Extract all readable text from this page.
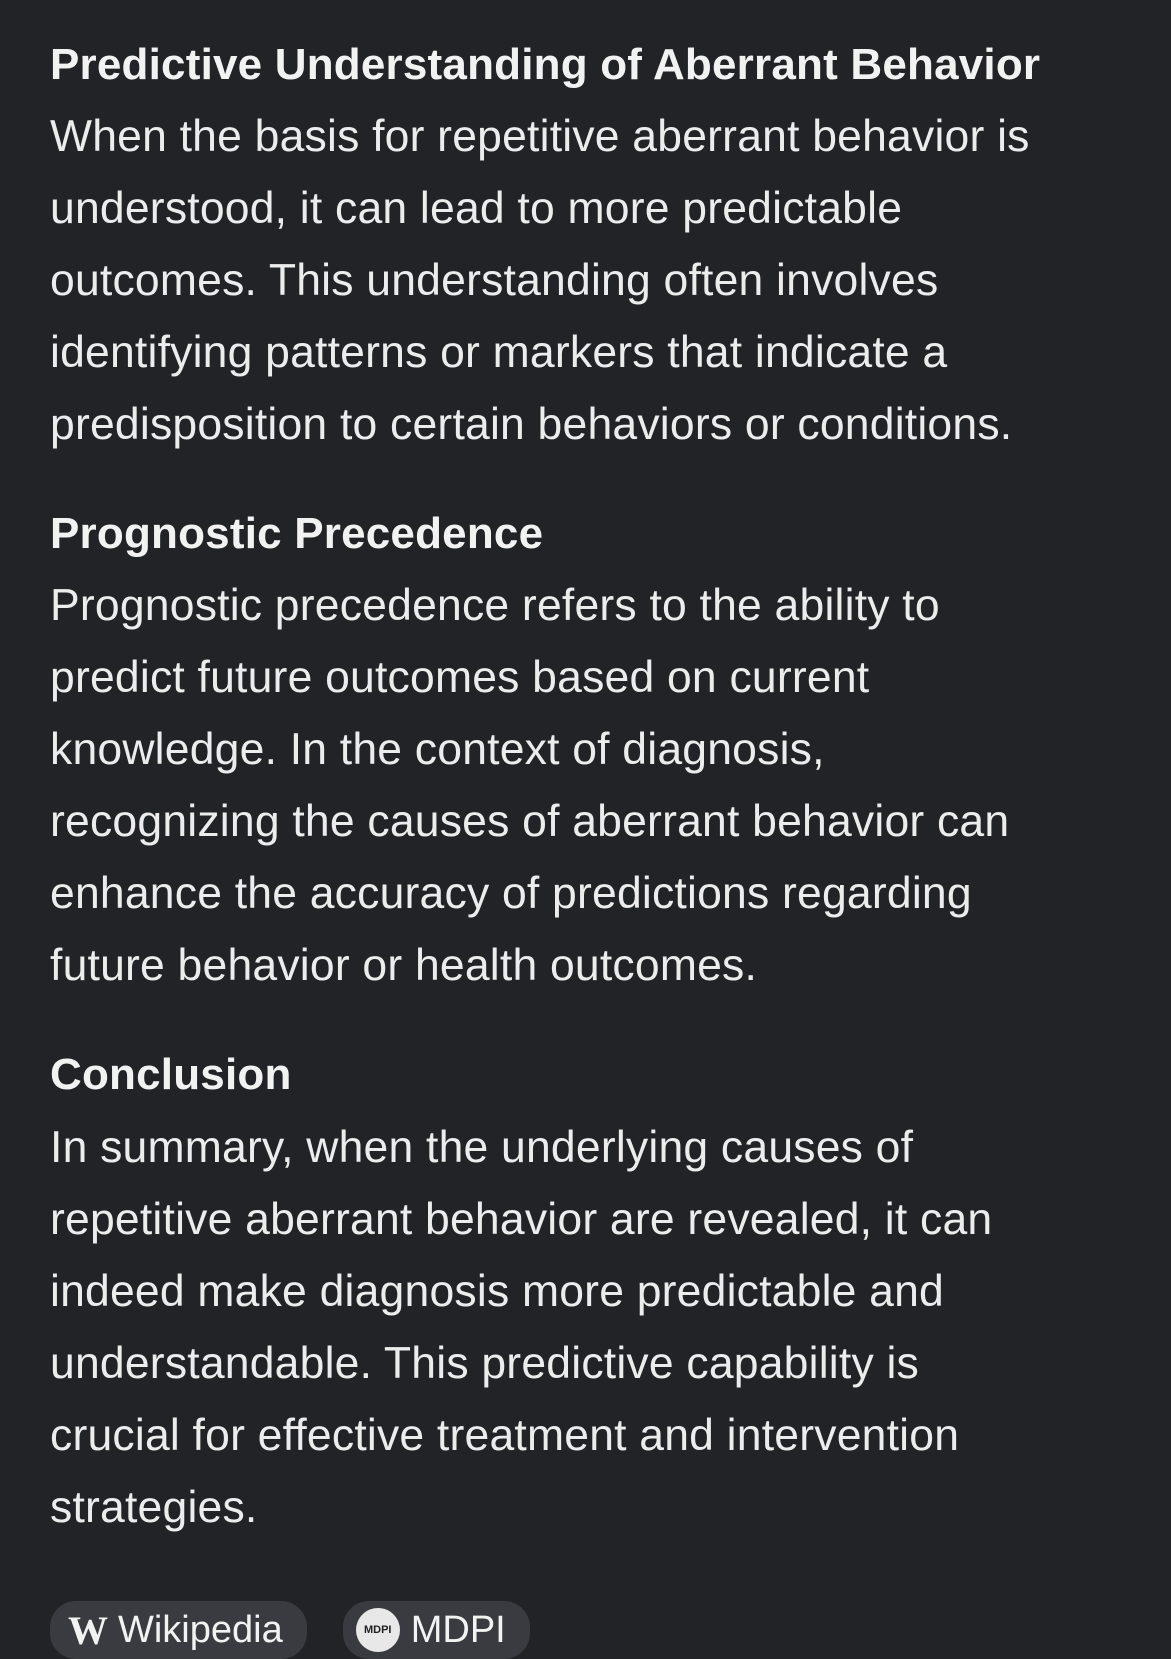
Predictive Understanding of Aberrant Behavior

When the basis for repetitive aberrant behavior is
understood, it can lead to more predictable
outcomes. This understanding often involves
identifying patterns or markers that indicate a
predisposition to certain behaviors or conditions.

Prognostic Precedence

Prognostic precedence refers to the ability to
predict future outcomes based on current
knowledge. In the context of diagnosis,
recognizing the causes of aberrant behavior can
enhance the accuracy of predictions regarding
future behavior or health outcomes.

Conclusion

In summary, when the underlying causes of
repetitive aberrant behavior are revealed, it can
indeed make diagnosis more predictable and
understandable. This predictive capability is
crucial for effective treatment and intervention
strategies.

W Wikipedia	MDPI MDPI
